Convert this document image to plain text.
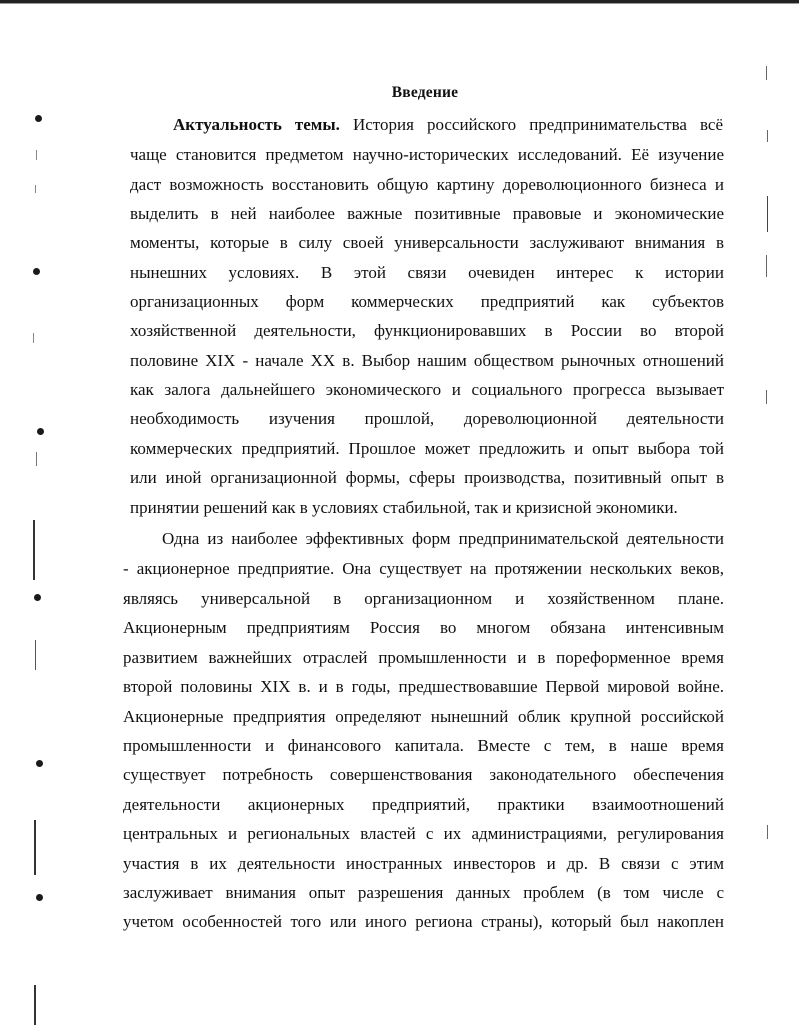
Введение
Актуальность темы. История российского предпринимательства всё
чаще становится предметом научно-исторических исследований. Её изучение
даст возможность восстановить общую картину дореволюционного бизнеса и
выделить в ней наиболее важные позитивные правовые и экономические
моменты, которые в силу своей универсальности заслуживают внимания в
нынешних условиях. В этой связи очевиден интерес к истории
организационных форм коммерческих предприятий как субъектов
хозяйственной деятельности, функционировавших в России во второй
половине XIX - начале XX в. Выбор нашим обществом рыночных отношений
как залога дальнейшего экономического и социального прогресса вызывает
необходимость изучения прошлой, дореволюционной деятельности
коммерческих предприятий. Прошлое может предложить и опыт выбора той
или иной организационной формы, сферы производства, позитивный опыт в
принятии решений как в условиях стабильной, так и кризисной экономики.
Одна из наиболее эффективных форм предпринимательской деятельности
- акционерное предприятие. Она существует на протяжении нескольких веков,
являясь универсальной в организационном и хозяйственном плане.
Акционерным предприятиям Россия во многом обязана интенсивным
развитием важнейших отраслей промышленности и в пореформенное время
второй половины XIX в. и в годы, предшествовавшие Первой мировой войне.
Акционерные предприятия определяют нынешний облик крупной российской
промышленности и финансового капитала. Вместе с тем, в наше время
существует потребность совершенствования законодательного обеспечения
деятельности акционерных предприятий, практики взаимоотношений
центральных и региональных властей с их администрациями, регулирования
участия в их деятельности иностранных инвесторов и др. В связи с этим
заслуживает внимания опыт разрешения данных проблем (в том числе с
учетом особенностей того или иного региона страны), который был накоплен
